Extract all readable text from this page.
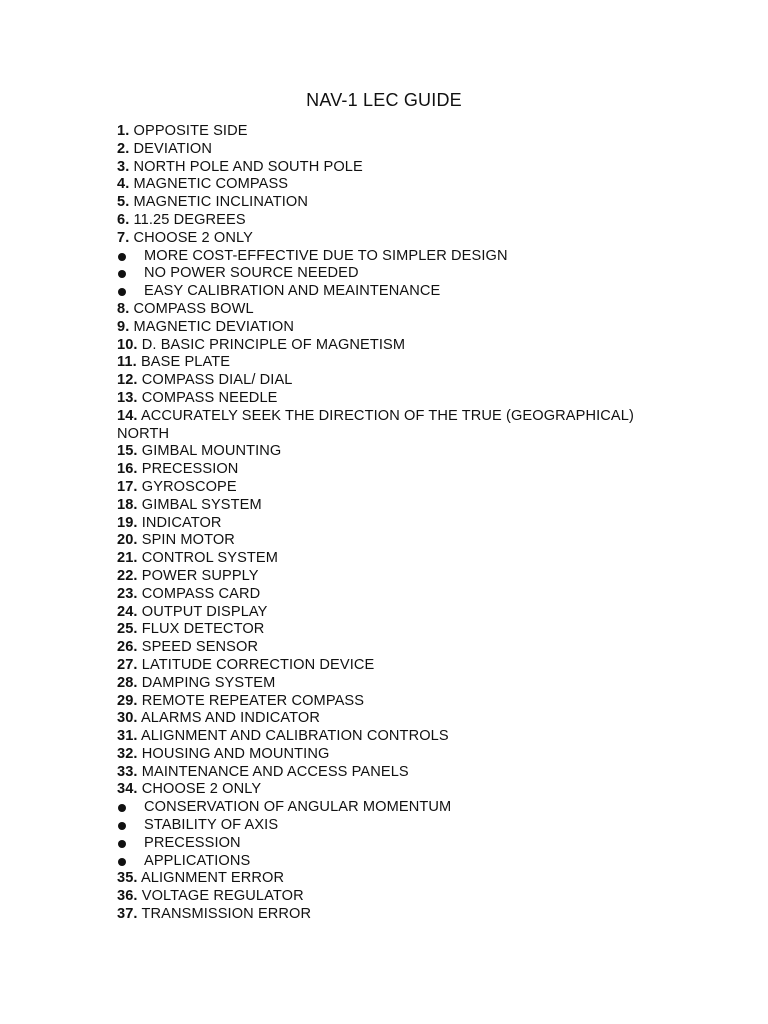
NAV-1 LEC GUIDE
1. OPPOSITE SIDE
2. DEVIATION
3. NORTH POLE AND SOUTH POLE
4. MAGNETIC COMPASS
5. MAGNETIC INCLINATION
6. 11.25 DEGREES
7. CHOOSE 2 ONLY
MORE COST-EFFECTIVE DUE TO SIMPLER DESIGN
NO POWER SOURCE NEEDED
EASY CALIBRATION AND MEAINTENANCE
8. COMPASS BOWL
9. MAGNETIC DEVIATION
10. D. BASIC PRINCIPLE OF MAGNETISM
11. BASE PLATE
12. COMPASS DIAL/ DIAL
13. COMPASS NEEDLE
14. ACCURATELY SEEK THE DIRECTION OF THE TRUE (GEOGRAPHICAL)
NORTH
15. GIMBAL MOUNTING
16. PRECESSION
17. GYROSCOPE
18. GIMBAL SYSTEM
19. INDICATOR
20. SPIN MOTOR
21. CONTROL SYSTEM
22. POWER SUPPLY
23. COMPASS CARD
24. OUTPUT DISPLAY
25. FLUX DETECTOR
26. SPEED SENSOR
27. LATITUDE CORRECTION DEVICE
28. DAMPING SYSTEM
29. REMOTE REPEATER COMPASS
30. ALARMS AND INDICATOR
31. ALIGNMENT AND CALIBRATION CONTROLS
32. HOUSING AND MOUNTING
33. MAINTENANCE AND ACCESS PANELS
34. CHOOSE 2 ONLY
CONSERVATION OF ANGULAR MOMENTUM
STABILITY OF AXIS
PRECESSION
APPLICATIONS
35. ALIGNMENT ERROR
36. VOLTAGE REGULATOR
37. TRANSMISSION ERROR
